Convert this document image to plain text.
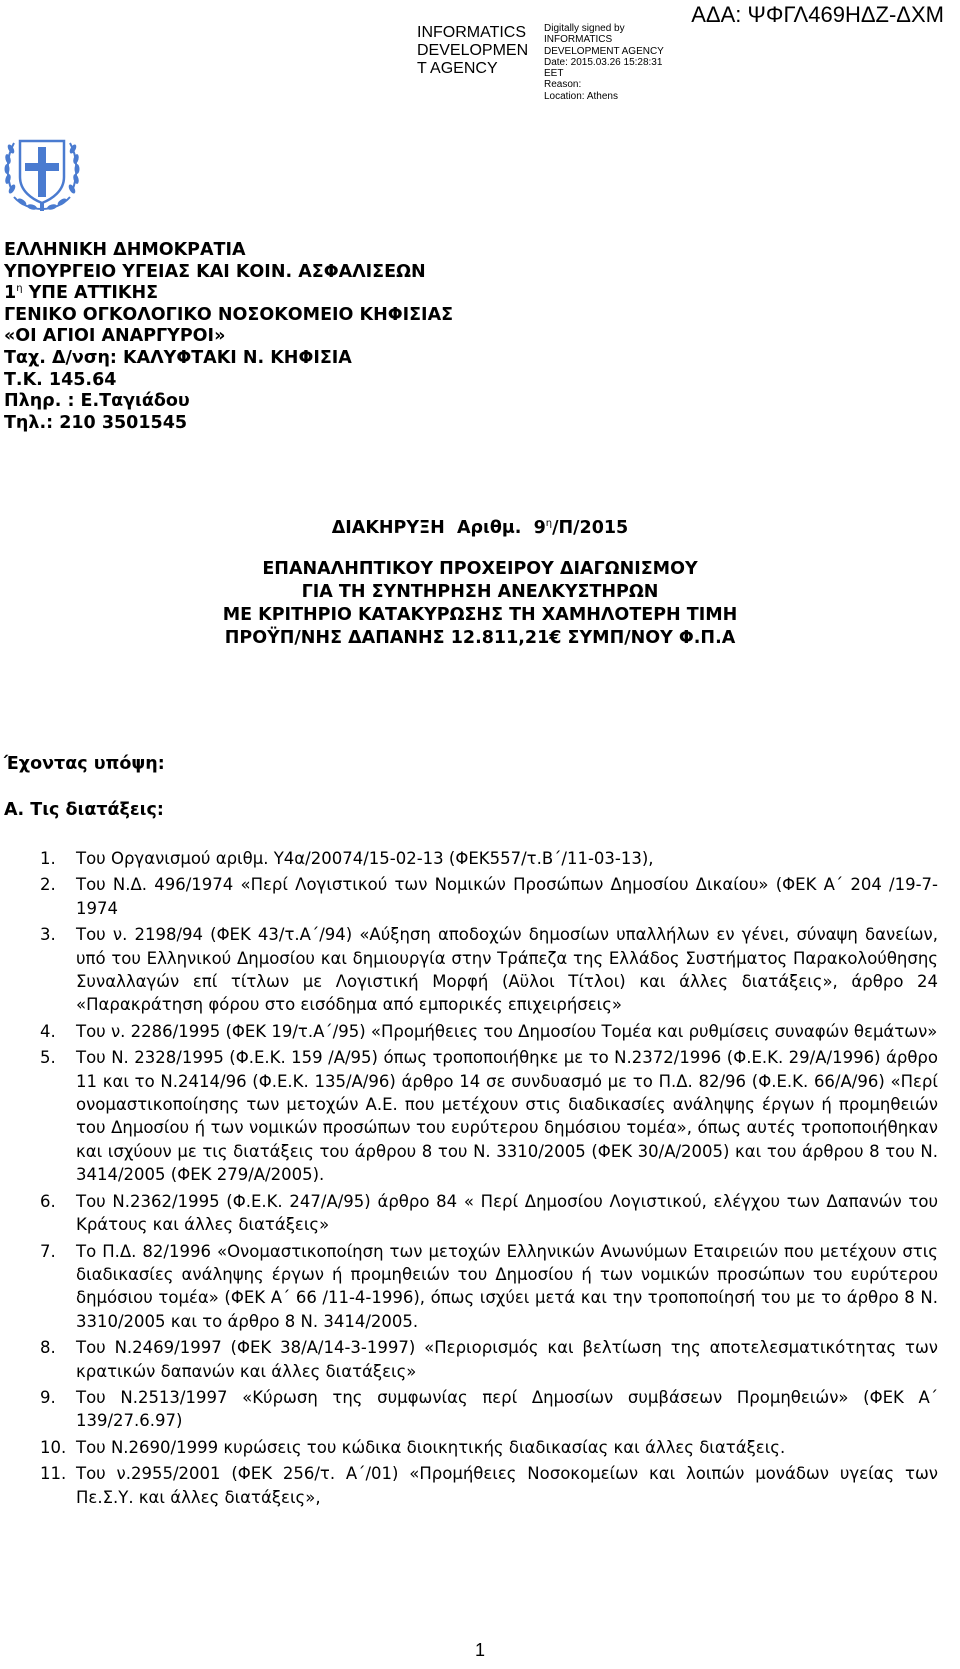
ΑΔΑ: ΨΦΓΛ469ΗΔΖ-ΔΧΜ
INFORMATICS
DEVELOPMEN
T AGENCY
Digitally signed by
INFORMATICS
DEVELOPMENT AGENCY
Date: 2015.03.26 15:28:31
EET
Reason:
Location: Athens
ΕΛΛΗΝΙΚΗ ΔΗΜΟΚΡΑΤΙΑ
ΥΠΟΥΡΓΕΙΟ ΥΓΕΙΑΣ ΚΑΙ ΚΟΙΝ. ΑΣΦΑΛΙΣΕΩΝ
$1^\eta$ ΥΠΕ ΑΤΤΙΚΗΣ
ΓΕΝΙΚΟ ΟΓΚΟΛΟΓΙΚΟ ΝΟΣΟΚΟΜΕΙΟ ΚΗΦΙΣΙΑΣ
«ΟΙ ΑΓΙΟΙ ΑΝΑΡΓΥΡΟΙ»
Ταχ. Δ/νση: ΚΑΛΥΦΤΑΚΙ Ν. ΚΗΦΙΣΙΑ
Τ.Κ. 145.64
Πληρ. : Ε.Ταγιάδου
Τηλ.: 210 3501545
ΔΙΑΚΗΡΥΞΗ  Αριθμ.  $9^\eta/\Pi/2015$
ΕΠΑΝΑΛΗΠΤΙΚΟΥ ΠΡΟΧΕΙΡΟΥ ΔΙΑΓΩΝΙΣΜΟΥ
ΓΙΑ ΤΗ ΣΥΝΤΗΡΗΣΗ ΑΝΕΛΚΥΣΤΗΡΩΝ
ΜΕ ΚΡΙΤΗΡΙΟ ΚΑΤΑΚΥΡΩΣΗΣ ΤΗ ΧΑΜΗΛΟΤΕΡΗ ΤΙΜΗ
ΠΡΟΫΠ/ΝΗΣ ΔΑΠΑΝΗΣ 12.811,21€ ΣΥΜΠ/ΝΟΥ Φ.Π.Α
Έχοντας υπόψη:
Α. Τις διατάξεις:
1. Του Οργανισμού αριθμ. Υ4α/20074/15-02-13 (ΦΕΚ557/τ.Β΄/11-03-13),
2. Του Ν.Δ. 496/1974 «Περί Λογιστικού των Νομικών Προσώπων Δημοσίου Δικαίου» (ΦΕΚ Α΄ 204 /19-7-1974
3. Του ν. 2198/94 (ΦΕΚ 43/τ.Α΄/94) «Αύξηση αποδοχών δημοσίων υπαλλήλων εν γένει, σύναψη δανείων, υπό του Ελληνικού Δημοσίου και δημιουργία στην Τράπεζα της Ελλάδος Συστήματος Παρακολούθησης Συναλλαγών επί τίτλων με Λογιστική Μορφή (Αϋλοι Τίτλοι) και άλλες διατάξεις», άρθρο 24 «Παρακράτηση φόρου στο εισόδημα από εμπορικές επιχειρήσεις»
4. Του ν. 2286/1995 (ΦΕΚ 19/τ.Α΄/95) «Προμήθειες του Δημοσίου Τομέα και ρυθμίσεις συναφών θεμάτων»
5. Του Ν. 2328/1995 (Φ.Ε.Κ. 159 /Α/95) όπως τροποποιήθηκε με το Ν.2372/1996 (Φ.Ε.Κ. 29/Α/1996) άρθρο 11 και το Ν.2414/96 (Φ.Ε.Κ. 135/Α/96) άρθρο 14 σε συνδυασμό με το Π.Δ. 82/96 (Φ.Ε.Κ. 66/Α/96) «Περί ονομαστικοποίησης των μετοχών Α.Ε. που μετέχουν στις διαδικασίες ανάληψης έργων ή προμηθειών του Δημοσίου ή των νομικών προσώπων του ευρύτερου δημόσιου τομέα», όπως αυτές τροποποιήθηκαν και ισχύουν με τις διατάξεις του άρθρου 8 του Ν. 3310/2005 (ΦΕΚ 30/Α/2005) και του άρθρου 8 του Ν. 3414/2005 (ΦΕΚ 279/Α/2005).
6. Του Ν.2362/1995 (Φ.Ε.Κ. 247/Α/95) άρθρο 84 « Περί Δημοσίου Λογιστικού, ελέγχου των Δαπανών του Κράτους και άλλες διατάξεις»
7. Το Π.Δ. 82/1996 «Ονομαστικοποίηση των μετοχών Ελληνικών Ανωνύμων Εταιρειών που μετέχουν στις διαδικασίες ανάληψης έργων ή προμηθειών του Δημοσίου ή των νομικών προσώπων του ευρύτερου δημόσιου τομέα» (ΦΕΚ Α΄ 66 /11-4-1996), όπως ισχύει μετά και την τροποποίησή του με το άρθρο 8 Ν. 3310/2005 και το άρθρο 8 Ν. 3414/2005.
8. Του Ν.2469/1997 (ΦΕΚ 38/Α/14-3-1997) «Περιορισμός και βελτίωση της αποτελεσματικότητας των κρατικών δαπανών και άλλες διατάξεις»
9. Του Ν.2513/1997 «Κύρωση της συμφωνίας περί Δημοσίων συμβάσεων Προμηθειών» (ΦΕΚ Α΄ 139/27.6.97)
10. Του Ν.2690/1999 κυρώσεις του κώδικα διοικητικής διαδικασίας και άλλες διατάξεις.
11. Του ν.2955/2001 (ΦΕΚ 256/τ. Α΄/01) «Προμήθειες Νοσοκομείων και λοιπών μονάδων υγείας των Πε.Σ.Υ. και άλλες διατάξεις»,
1
